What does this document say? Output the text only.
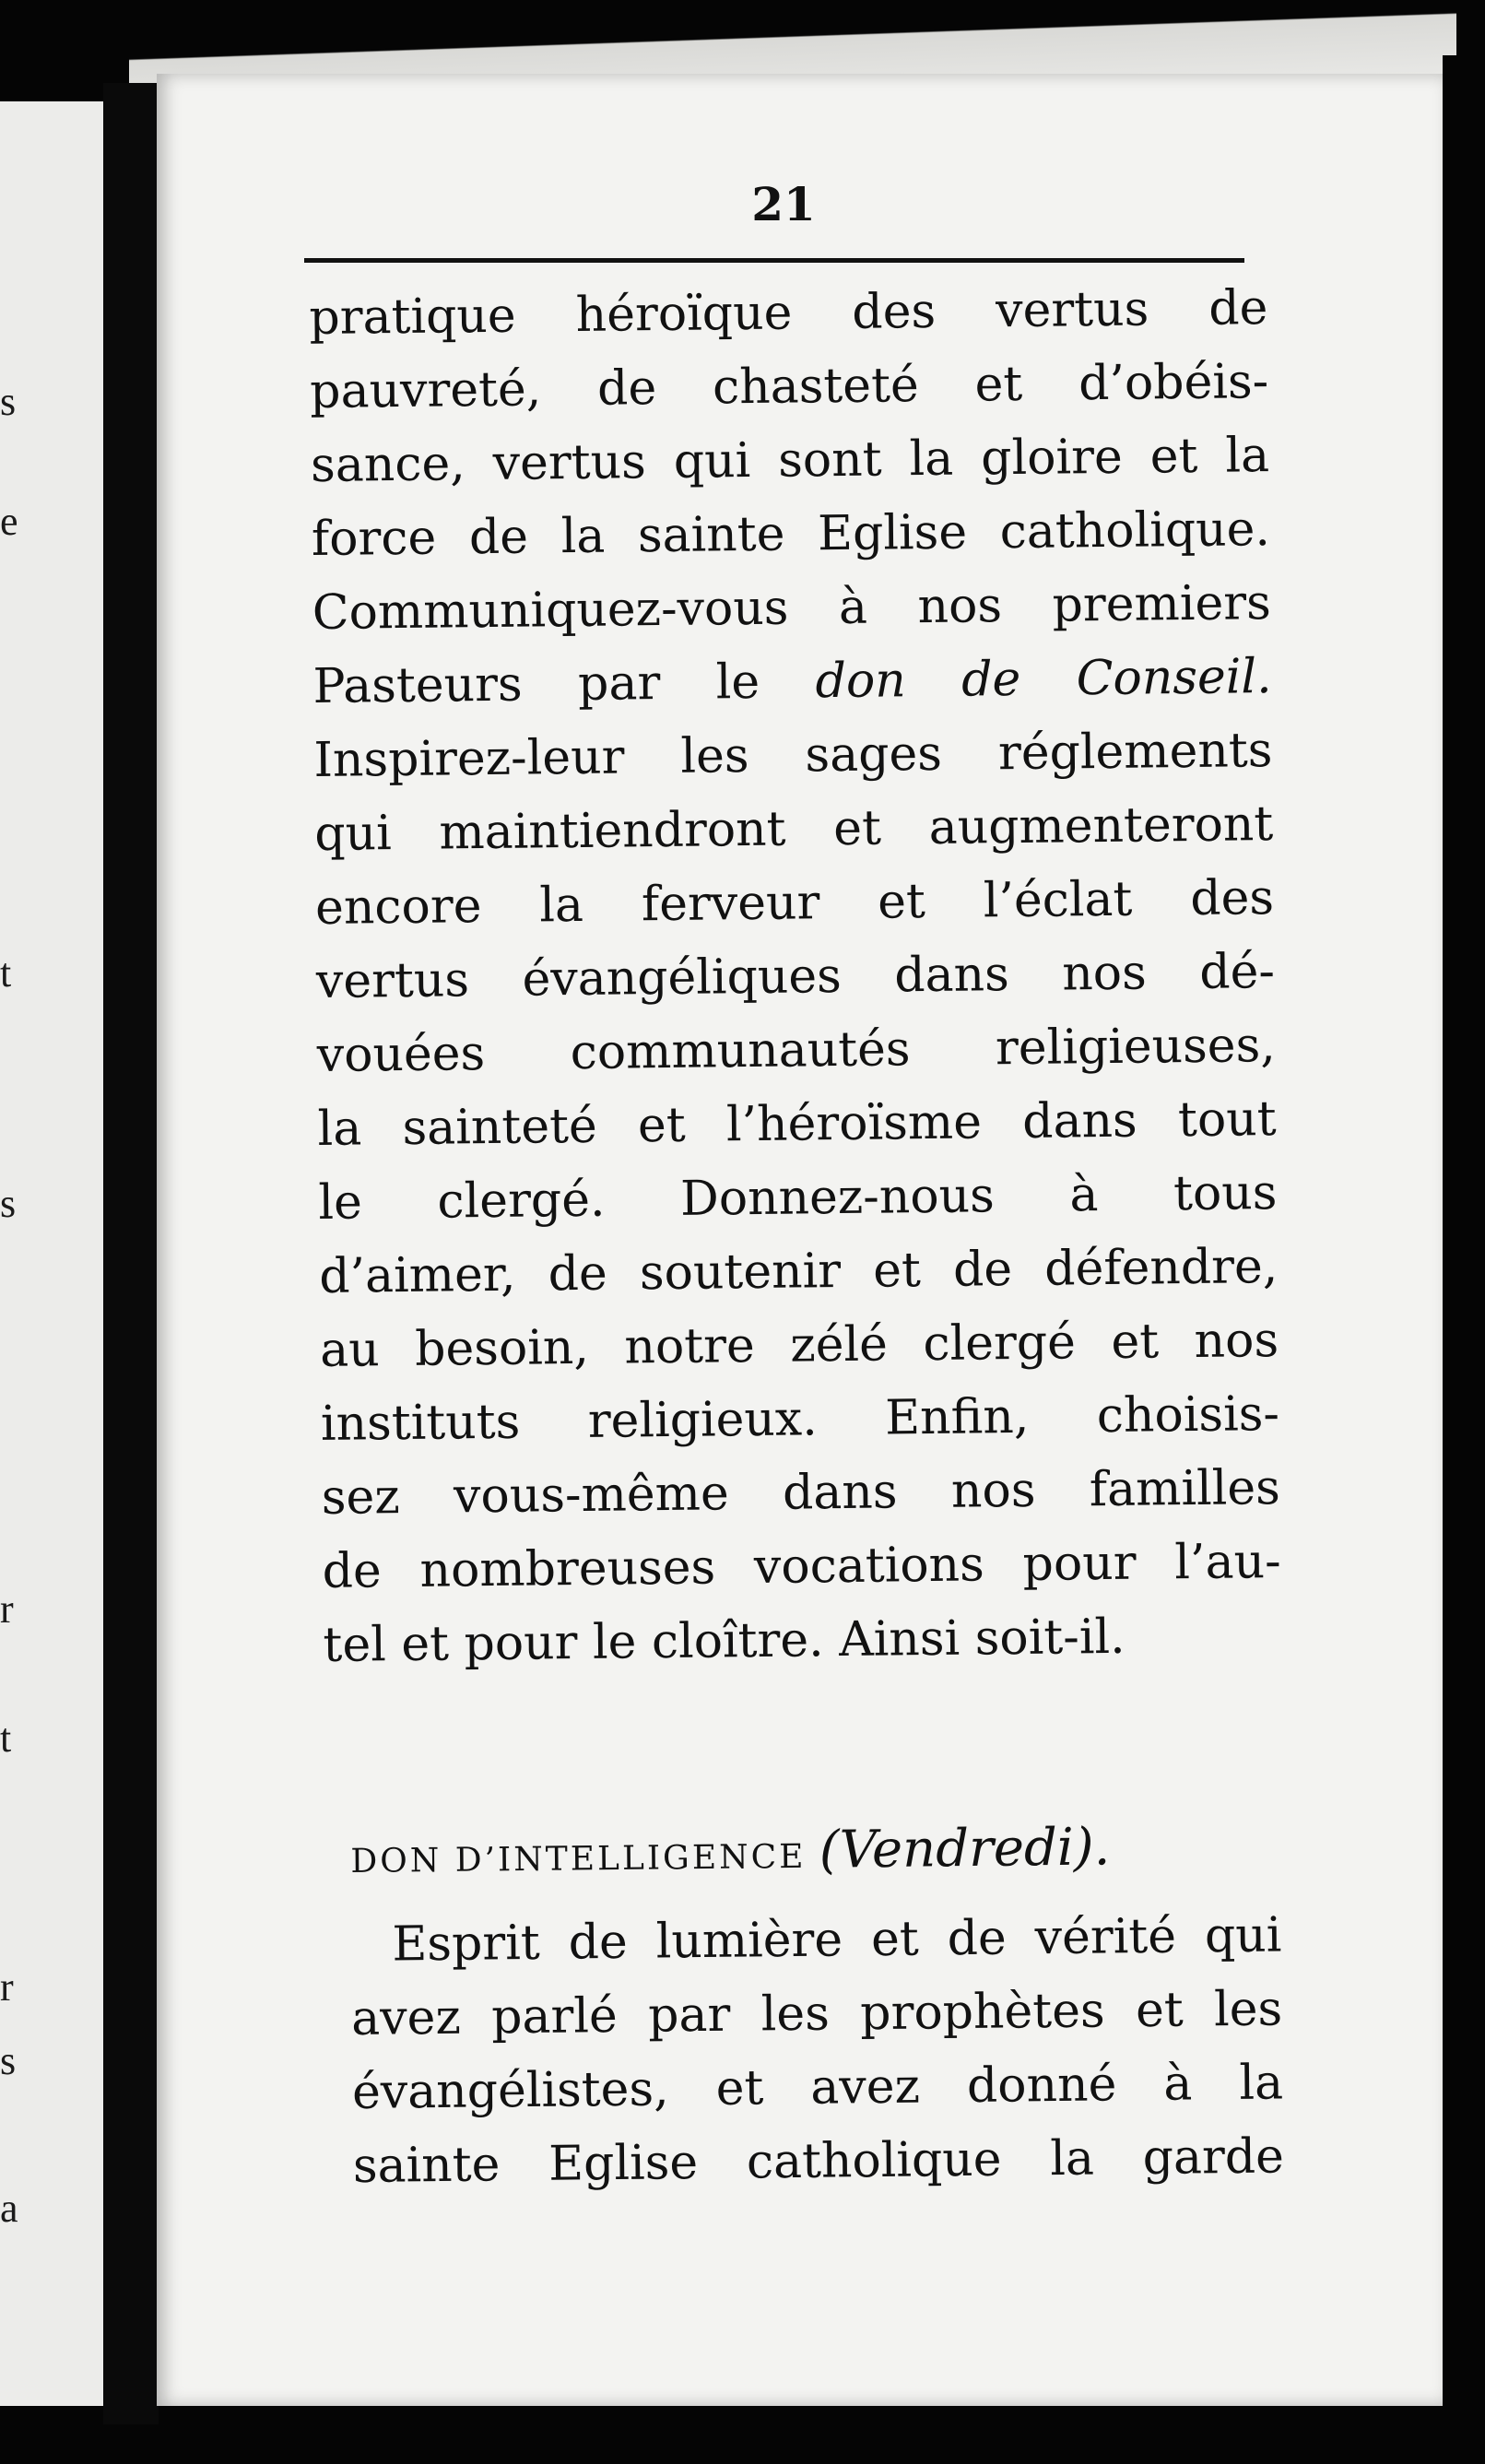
s
e
t
r
s
r
s
a
t
21
pratique héroïque des vertus de
pauvreté, de chasteté et d’obéis-
sance, vertus qui sont la gloire et la
force de la sainte Eglise catholique.
Communiquez-vous à nos premiers
Pasteurs par le don de Conseil.
Inspirez-leur les sages réglements
qui maintiendront et augmenteront
encore la ferveur et l’éclat des
vertus évangéliques dans nos dé-
vouées communautés religieuses,
la sainteté et l’héroïsme dans tout
le clergé. Donnez-nous à tous
d’aimer, de soutenir et de défendre,
au besoin, notre zélé clergé et nos
instituts religieux. Enfin, choisis-
sez vous-même dans nos familles
de nombreuses vocations pour l’au-
tel et pour le cloître. Ainsi soit-il.
DON D’INTELLIGENCE (Vendredi).
Esprit de lumière et de vérité qui
avez parlé par les prophètes et les
évangélistes, et avez donné à la
sainte Eglise catholique la garde
